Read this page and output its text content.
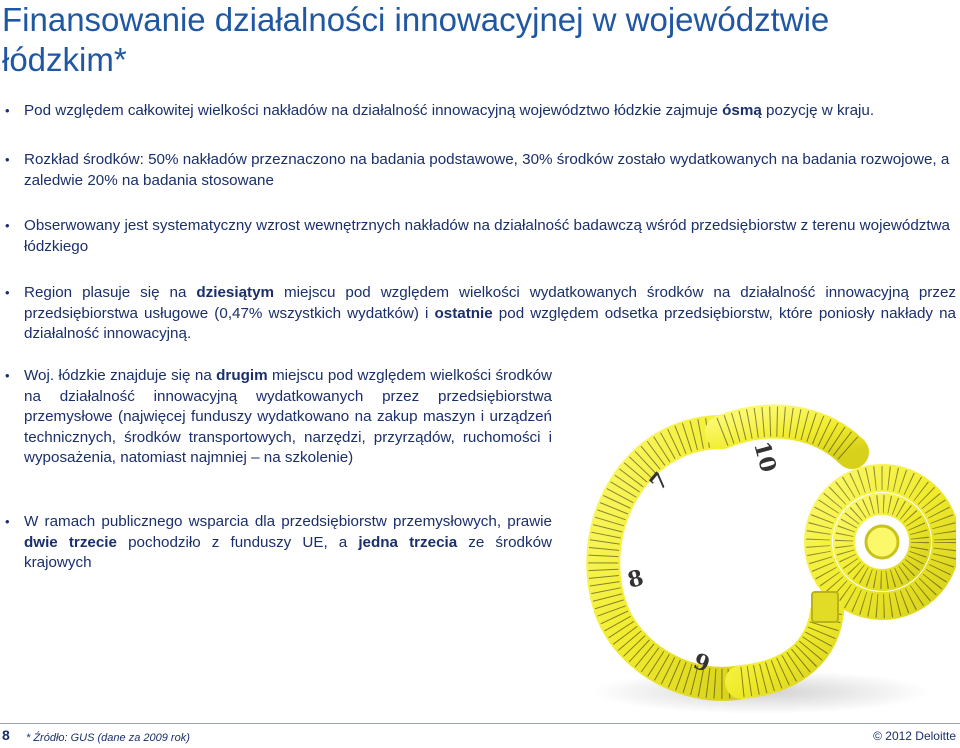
Finansowanie działalności innowacyjnej w województwie łódzkim*
• Pod względem całkowitej wielkości nakładów na działalność innowacyjną województwo łódzkie zajmuje ósmą pozycję w kraju.
• Rozkład środków: 50% nakładów przeznaczono na badania podstawowe, 30% środków zostało wydatkowanych na badania rozwojowe, a zaledwie 20% na badania stosowane
• Obserwowany jest systematyczny wzrost wewnętrznych nakładów na działalność badawczą wśród przedsiębiorstw z terenu województwa łódzkiego
• Region plasuje się na dziesiątym miejscu pod względem wielkości wydatkowanych środków na działalność innowacyjną przez przedsiębiorstwa usługowe (0,47% wszystkich wydatków) i ostatnie pod względem odsetka przedsiębiorstw, które poniosły nakłady na działalność innowacyjną.
• Woj. łódzkie znajduje się na drugim miejscu pod względem wielkości środków na działalność innowacyjną wydatkowanych przez przedsiębiorstwa przemysłowe (najwięcej funduszy wydatkowano na zakup maszyn i urządzeń technicznych, środków transportowych, narzędzi, przyrządów, ruchomości i wyposażenia, natomiast najmniej – na szkolenie)
• W ramach publicznego wsparcia dla przedsiębiorstw przemysłowych, prawie dwie trzecie pochodziło z funduszy UE, a jedna trzecia ze środków krajowych
7
8
9
10
8 * Źródło: GUS (dane za 2009 rok)	© 2012 Deloitte
